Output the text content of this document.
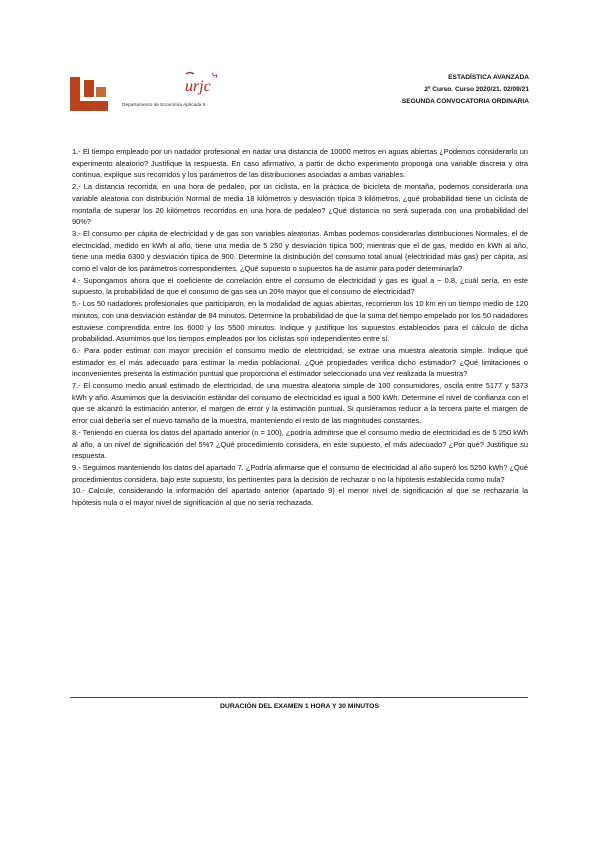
Departamento de Economía Aplicada II
urjc
ESTADÍSTICA AVANZADA
2º Curso. Curso 2020/21. 02/09/21
SEGUNDA CONVOCATORIA ORDINARIA

1.- El tiempo empleado por un nadador profesional en nadar una distancia de 10000 metros en aguas abiertas ¿Podemos considerarlo un experimento aleatorio? Justifique la respuesta. En caso afirmativo, a partir de dicho experimento proponga una variable discreta y otra continua, explique sus recorridos y los parámetros de las distribuciones asociadas a ambas variables.

2.- La distancia recorrida, en una hora de pedaleo, por un ciclista, en la práctica de bicicleta de montaña, podemos considerarla una variable aleatoria con distribución Normal de media 18 kilómetros y desviación típica 3 kilómetros, ¿qué probabilidad tiene un ciclista de montaña de superar los 20 kilómetros recorridos en una hora de pedaleo? ¿Qué distancia no será superada con una probabilidad del 90%?

3.- El consumo per cápita de electricidad y de gas son variables aleatorias. Ambas podemos considerarlas distribuciones Normales, el de electricidad, medido en kWh al año, tiene una media de 5 250 y desviación típica 500; mientras que el de gas, medido en kWh al año, tiene una media 6300 y desviación típica de 900. Determine la distribución del consumo total anual (electricidad más gas) per cápita, así como el valor de los parámetros correspondientes. ¿Qué supuesto o supuestos ha de asumir para poder determinarla?

4.- Supongamos ahora que el coeficiente de correlación entre el consumo de electricidad y gas es igual a − 0.8, ¿cuál sería, en este supuesto, la probabilidad de que el consumo de gas sea un 20% mayor que el consumo de electricidad?

5.- Los 50 nadadores profesionales que participaron, en la modalidad de aguas abiertas, recorrieron los 10 km en un tiempo medio de 120 minutos, con una desviación estándar de 84 minutos. Determine la probabilidad de que la suma del tiempo empelado por los 50 nadadores estuviese comprendida entre los 6000 y los 5500 minutos. Indique y justifique los supuestos establecidos para el cálculo de dicha probabilidad. Asumimos que los tiempos empleados por los ciclistas son independientes entre sí.

6.- Para poder estimar con mayor precisión el consumo medio de electricidad, se extrae una muestra aleatoria simple. Indique qué estimador es el más adecuado para estimar la media poblacional. ¿Qué propiedades verifica dicho estimador? ¿Qué limitaciones o inconvenientes presenta la estimación puntual que proporciona el estimador seleccionado una vez realizada la muestra?

7.- El consumo medio anual estimado de electricidad, de una muestra aleatoria simple de 100 consumidores, oscila entre 5177 y 5373 kWh y año. Asumimos que la desviación estándar del consumo de electricidad es igual a 500 kWh. Determine el nivel de confianza con el que se alcanzó la estimación anterior, el margen de error y la estimación puntual. Si quisiéramos reducir a la tercera parte el margen de error cuál debería ser el nuevo tamaño de la muestra, manteniendo el resto de las magnitudes constantes.

8.- Teniendo en cuenta los datos del apartado anterior (n = 100), ¿podría admitirse que el consumo medio de electricidad es de 5 250 kWh al año, a un nivel de significación del 5%? ¿Qué procedimiento considera, en este supuesto, el más adecuado? ¿Por qué? Justifique su respuesta.

9.- Seguimos manteniendo los datos del apartado 7. ¿Podría afirmarse que el consumo de electricidad al año superó los 5250 kWh? ¿Qué procedimientos considera, bajo este supuesto, los pertinentes para la decisión de rechazar o no la hipótesis establecida como nula?

10.- Calcule, considerando la información del apartado anterior (apartado 9) el menor nivel de significación al que se rechazaría la hipótesis nula o el mayor nivel de significación al que no sería rechazada.

DURACIÓN DEL EXAMEN 1 HORA Y 30 MINUTOS
